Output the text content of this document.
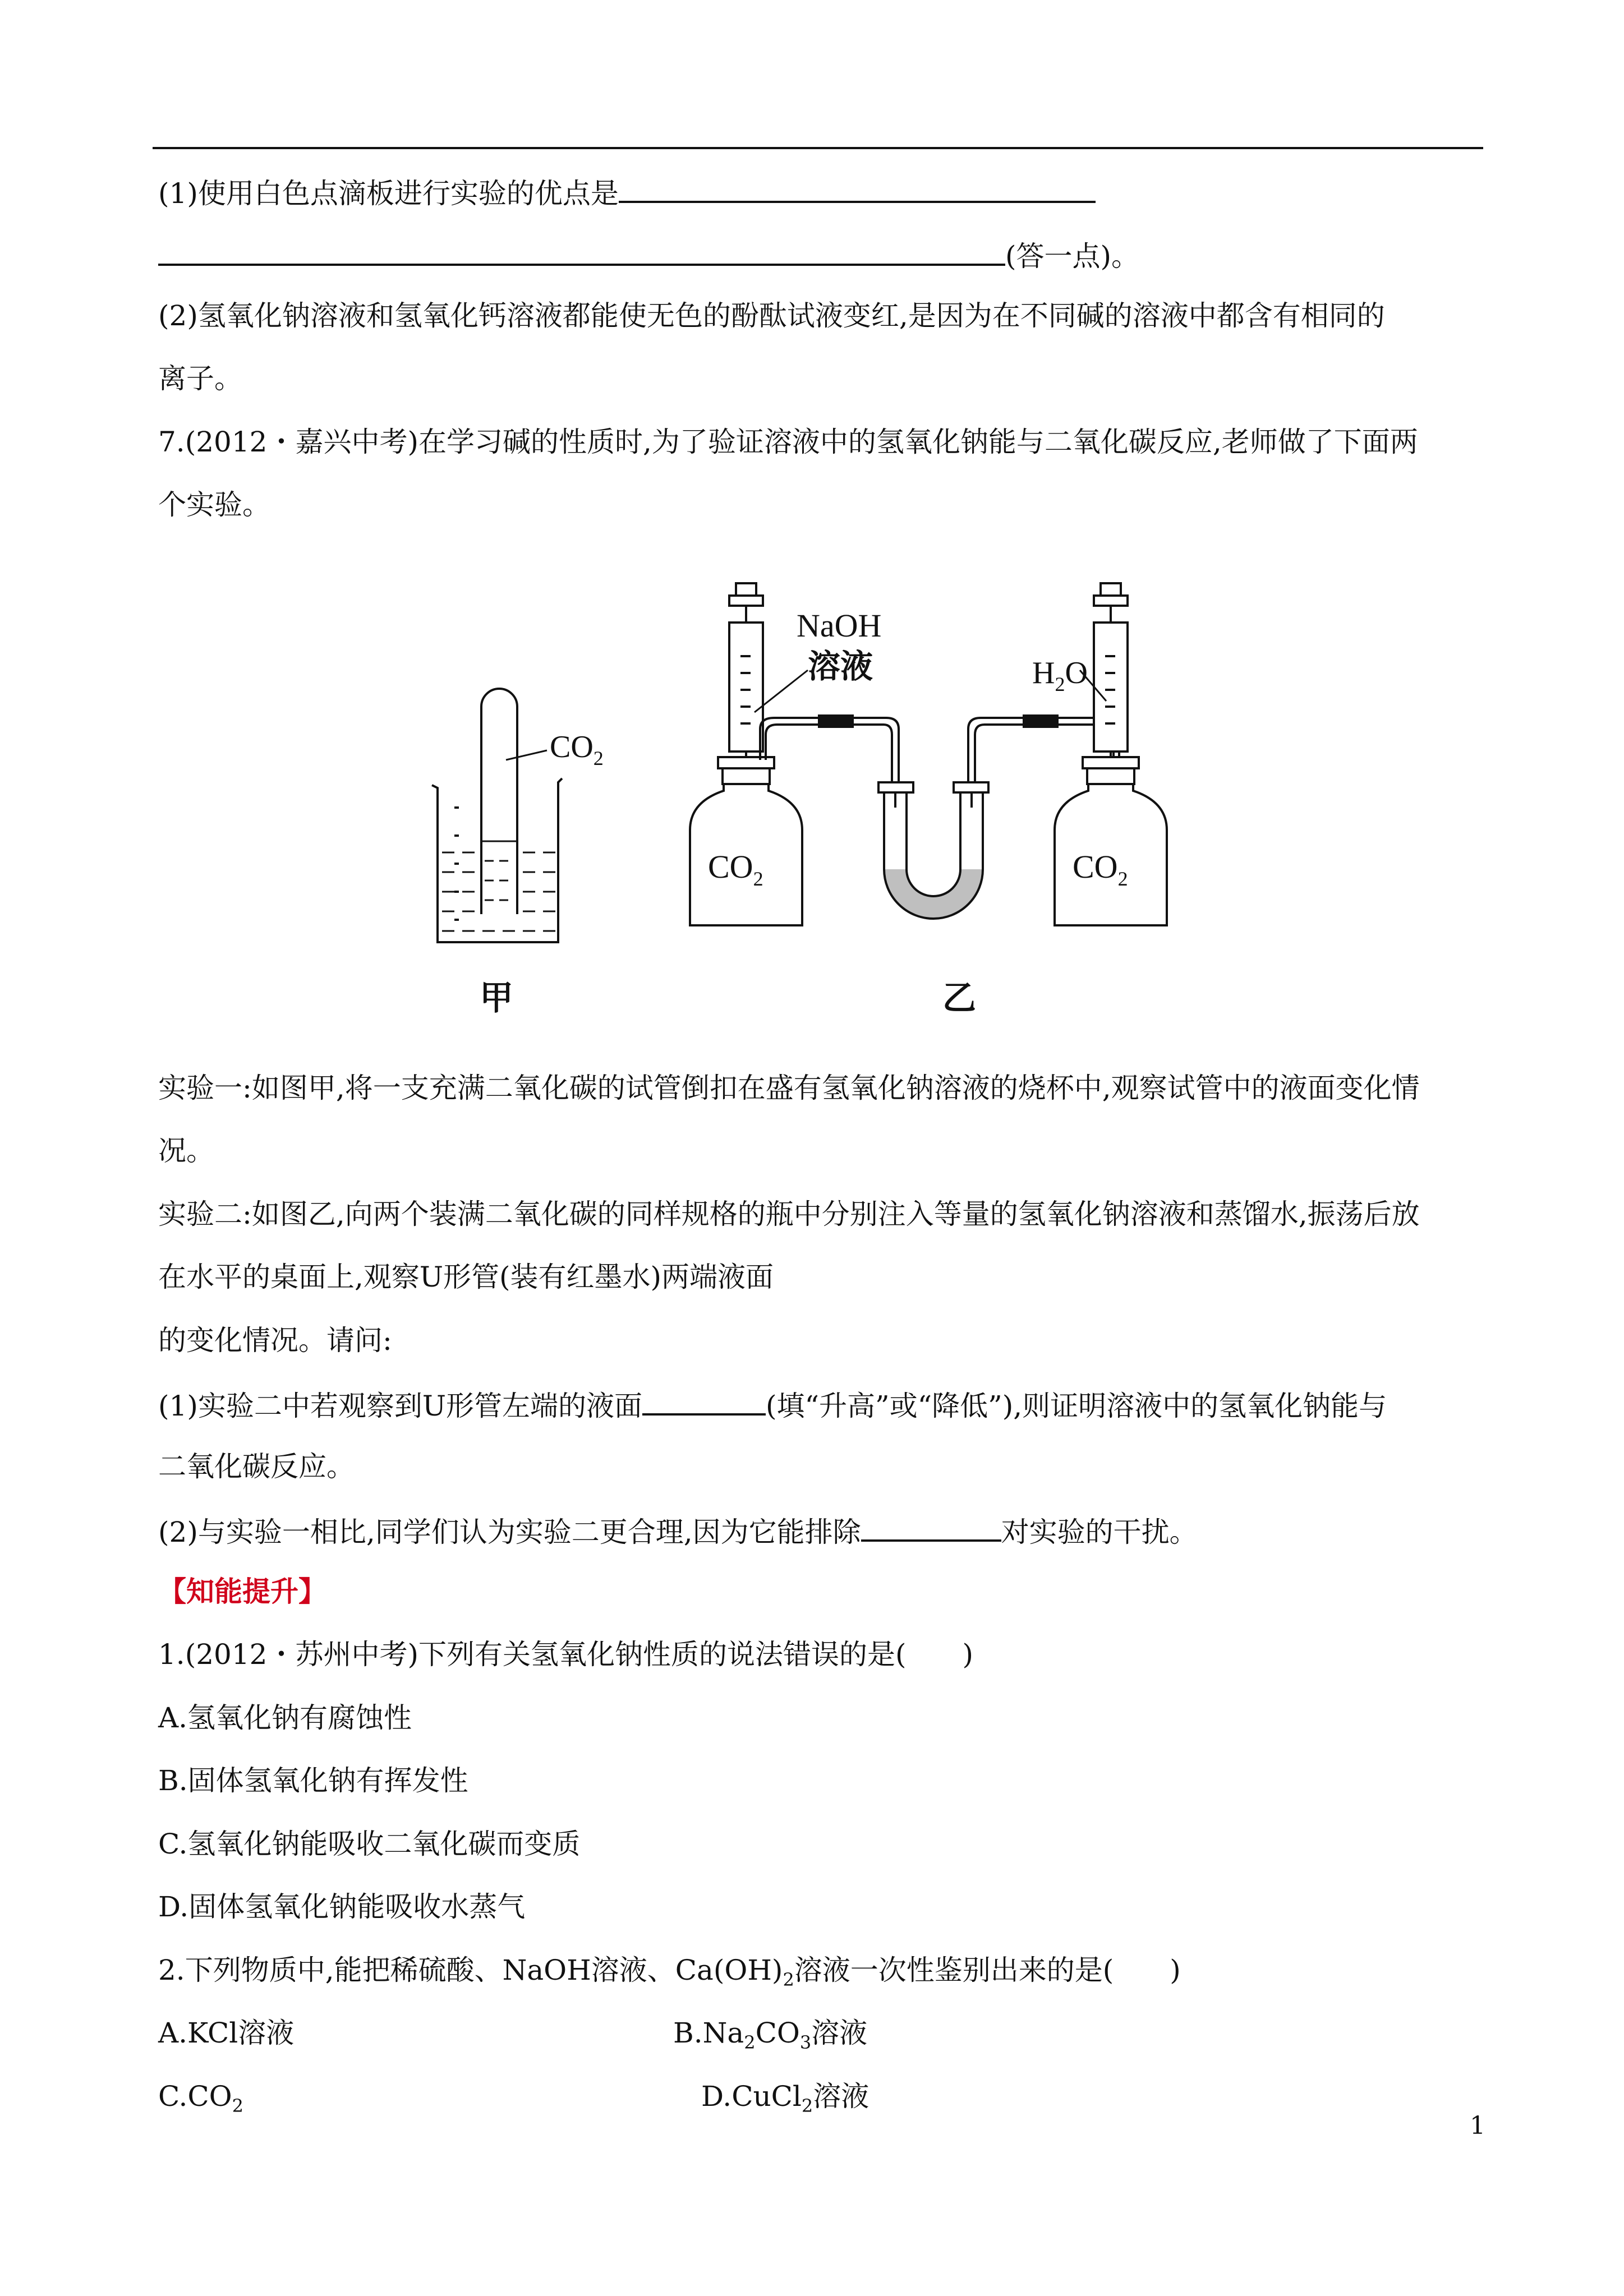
(1)使用白色点滴板进行实验的优点是
(答一点)。
(2)氢氧化钠溶液和氢氧化钙溶液都能使无色的酚酞试液变红,是因为在不同碱的溶液中都含有相同的
离子。
7.(2012・嘉兴中考)在学习碱的性质时,为了验证溶液中的氢氧化钠能与二氧化碳反应,老师做了下面两
个实验。
$CO_2$
甲
NaOH
溶液
$CO_2$
$H_2O$
$CO_2$
乙
实验一:如图甲,将一支充满二氧化碳的试管倒扣在盛有氢氧化钠溶液的烧杯中,观察试管中的液面变化情
况。
实验二:如图乙,向两个装满二氧化碳的同样规格的瓶中分别注入等量的氢氧化钠溶液和蒸馏水,振荡后放
在水平的桌面上,观察U形管(装有红墨水)两端液面
的变化情况。请问:
(1)实验二中若观察到U形管左端的液面	(填“升高”或“降低”),则证明溶液中的氢氧化钠能与
二氧化碳反应。
(2)与实验一相比,同学们认为实验二更合理,因为它能排除	对实验的干扰。
【知能提升】
1.(2012・苏州中考)下列有关氢氧化钠性质的说法错误的是(　　)
A.氢氧化钠有腐蚀性
B.固体氢氧化钠有挥发性
C.氢氧化钠能吸收二氧化碳而变质
D.固体氢氧化钠能吸收水蒸气
2.下列物质中,能把稀硫酸、NaOH溶液、$Ca(OH)_2$溶液一次性鉴别出来的是(　　)
A.KCl溶液	$B.Na_2CO_3$溶液
$C.CO_2$	D.CuCl$_2$溶液
1
